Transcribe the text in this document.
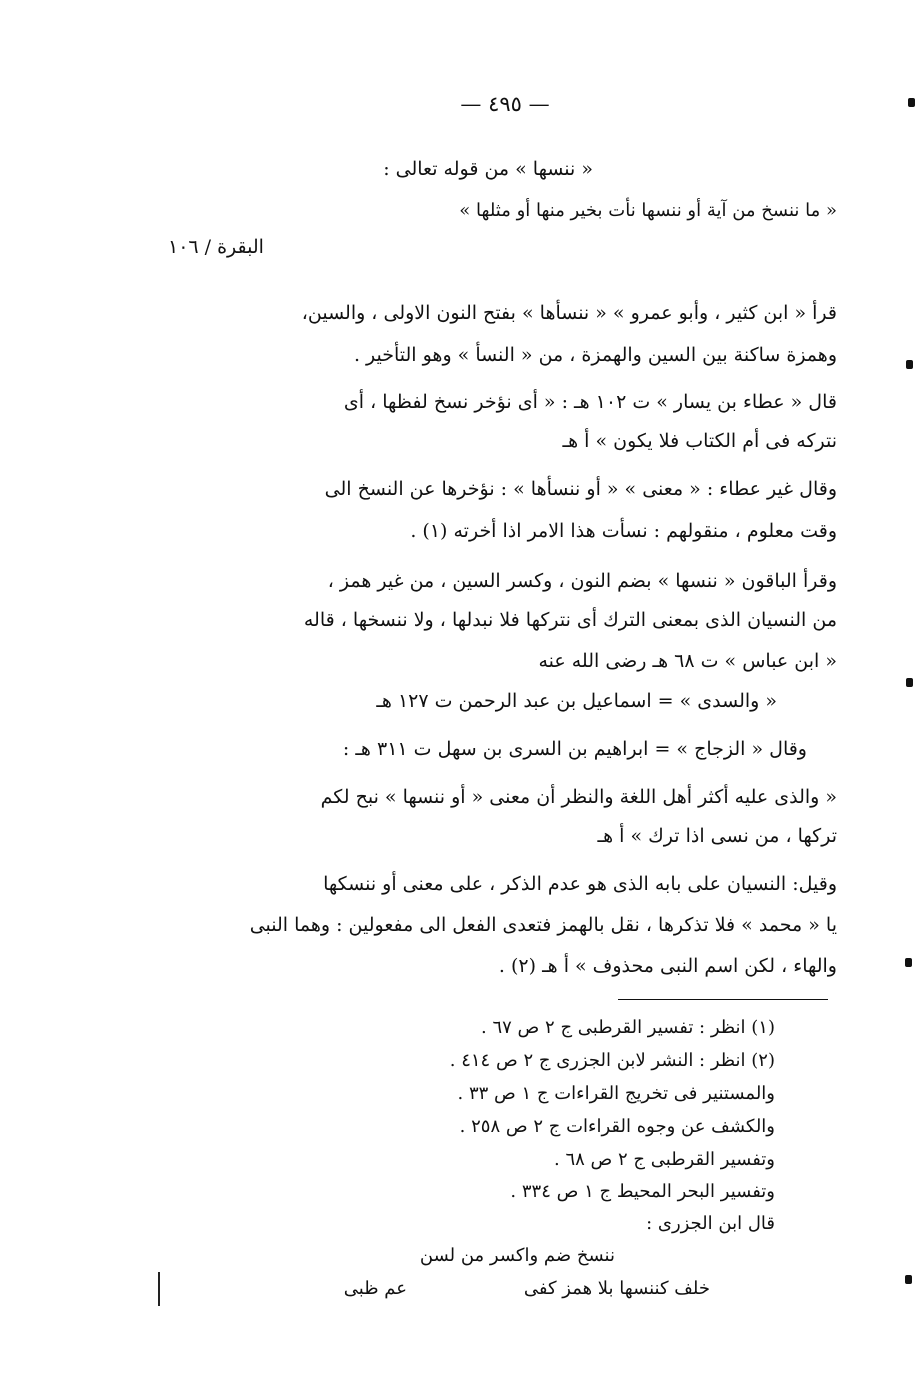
— ٤٩٥ —
« ننسها » من قوله تعالى :
« ما ننسخ من آية أو ننسها نأت بخير منها أو مثلها »
قرأ « ابن كثير ، وأبو عمرو » « ننسأها » بفتح النون الاولى ، والسين،
وهمزة ساكنة بين السين والهمزة ، من « النسأ » وهو التأخير .
قال « عطاء بن يسار » ت ١٠٢ هـ : « أى نؤخر نسخ لفظها ، أى
نتركه فى أم الكتاب فلا يكون » أ هـ
وقال غير عطاء : « معنى » « أو ننسأها » : نؤخرها عن النسخ الى
وقت معلوم ، منقولهم : نسأت هذا الامر اذا أخرته (١) .
وقرأ الباقون « ننسها » بضم النون ، وكسر السين ، من غير همز ،
من النسيان الذى بمعنى الترك أى نتركها فلا نبدلها ، ولا ننسخها ، قاله
« ابن عباس » ت ٦٨ هـ رضى الله عنه
« والسدى » = اسماعيل بن عبد الرحمن ت ١٢٧ هـ
وقال « الزجاج » = ابراهيم بن السرى بن سهل ت ٣١١ هـ :
« والذى عليه أكثر أهل اللغة والنظر أن معنى « أو ننسها » نبح لكم
تركها ، من نسى اذا ترك » أ هـ
وقيل: النسيان على بابه الذى هو عدم الذكر ، على معنى أو ننسكها
يا « محمد » فلا تذكرها ، نقل بالهمز فتعدى الفعل الى مفعولين : وهما النبى
والهاء ، لكن اسم النبى محذوف » أ هـ (٢) .
البقرة / ١٠٦
(١) انظر : تفسير القرطبى ج ٢ ص ٦٧ .
(٢) انظر : النشر لابن الجزرى ج ٢ ص ٤١٤ .
والمستنير فى تخريج القراءات ج ١ ص ٣٣ .
والكشف عن وجوه القراءات ج ٢ ص ٢٥٨ .
وتفسير القرطبى ج ٢ ص ٦٨ .
وتفسير البحر المحيط ج ١ ص ٣٣٤ .
قال ابن الجزرى :
ننسخ ضم واكسر من لسن
خلف كننسها بلا همز كفى
عم ظبى
